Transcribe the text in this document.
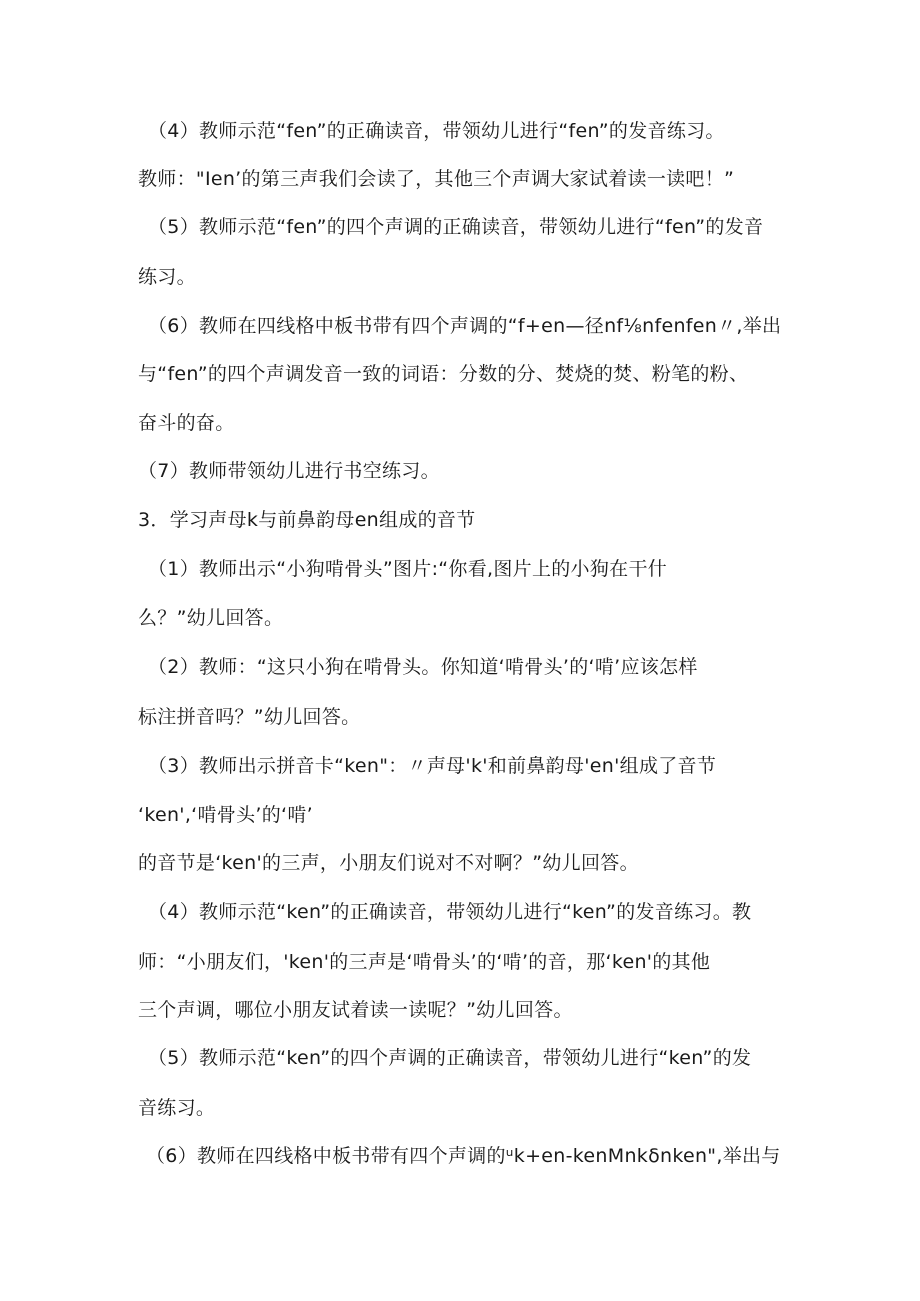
（4）教师示范“fen”的正确读音，带领幼儿进行“fen”的发音练习。
教师："Ien’的第三声我们会读了，其他三个声调大家试着读一读吧！”
（5）教师示范“fen”的四个声调的正确读音，带领幼儿进行“fen”的发音
练习。
（6）教师在四线格中板书带有四个声调的“f+en—径nf⅛nfenfen〃,举出
与“fen”的四个声调发音一致的词语：分数的分、焚烧的焚、粉笔的粉、
奋斗的奋。
（7）教师带领幼儿进行书空练习。
3．学习声母k与前鼻韵母en组成的音节
（1）教师出示“小狗啃骨头”图片:“你看,图片上的小狗在干什
么？”幼儿回答。
（2）教师：“这只小狗在啃骨头。你知道‘啃骨头’的‘啃’应该怎样
标注拼音吗？”幼儿回答。
（3）教师出示拼音卡“ken"：〃声母'k'和前鼻韵母'en'组成了音节
‘ken',‘啃骨头’的‘啃’
的音节是‘ken'的三声，小朋友们说对不对啊？”幼儿回答。
（4）教师示范“ken”的正确读音，带领幼儿进行“ken”的发音练习。教
师：“小朋友们，'ken'的三声是‘啃骨头’的‘啃’的音，那‘ken'的其他
三个声调，哪位小朋友试着读一读呢？”幼儿回答。
（5）教师示范“ken”的四个声调的正确读音，带领幼儿进行“ken”的发
音练习。
（6）教师在四线格中板书带有四个声调的ᵘk+en-kenMnkδnken",举出与
